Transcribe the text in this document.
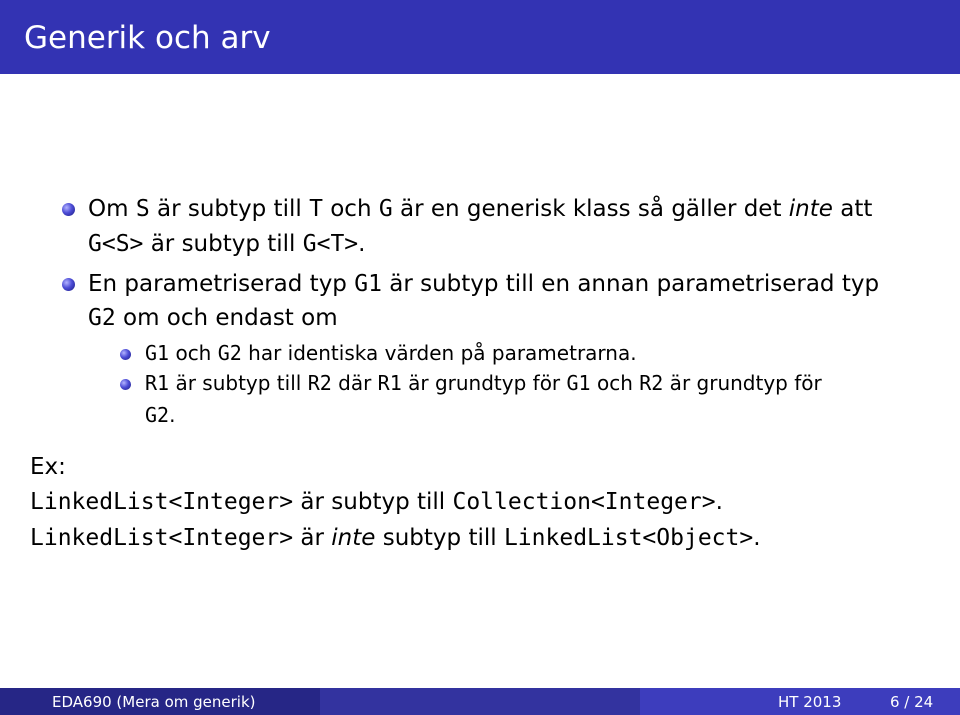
Generik och arv
Om S är subtyp till T och G är en generisk klass så gäller det inte att
G<S> är subtyp till G<T>.
En parametriserad typ G1 är subtyp till en annan parametriserad typ
G2 om och endast om
G1 och G2 har identiska värden på parametrarna.
R1 är subtyp till R2 där R1 är grundtyp för G1 och R2 är grundtyp för
G2.
Ex:
LinkedList<Integer> är subtyp till Collection<Integer>.
LinkedList<Integer> är inte subtyp till LinkedList<Object>.
EDA690 (Mera om generik)	HT 2013	6 / 24
